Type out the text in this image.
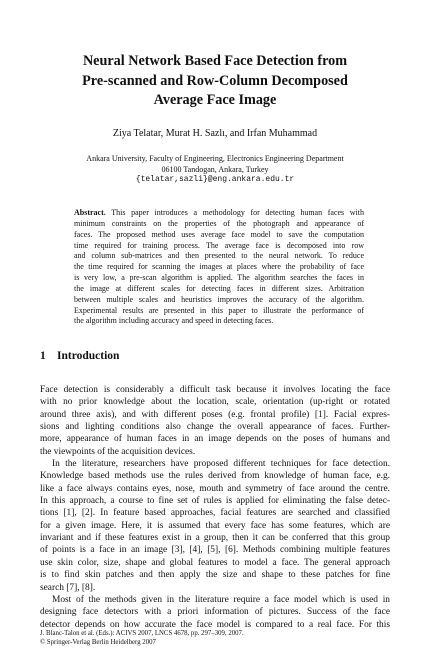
Neural Network Based Face Detection from
Pre-scanned and Row-Column Decomposed
Average Face Image
Ziya Telatar, Murat H. Sazlı, and Irfan Muhammad
Ankara University, Faculty of Engineering, Electronics Engineering Department
06100 Tandogan, Ankara, Turkey
{telatar,sazli}@eng.ankara.edu.tr
Abstract. This paper introduces a methodology for detecting human faces with
minimum constraints on the properties of the photograph and appearance of
faces. The proposed method uses average face model to save the computation
time required for training process. The average face is decomposed into row
and column sub-matrices and then presented to the neural network. To reduce
the time required for scanning the images at places where the probability of face
is very low, a pre-scan algorithm is applied. The algorithm searches the faces in
the image at different scales for detecting faces in different sizes. Arbitration
between multiple scales and heuristics improves the accuracy of the algorithm.
Experimental results are presented in this paper to illustrate the performance of
the algorithm including accuracy and speed in detecting faces.
1 Introduction
Face detection is considerably a difficult task because it involves locating the face
with no prior knowledge about the location, scale, orientation (up-right or rotated
around three axis), and with different poses (e.g. frontal profile) [1]. Facial expres-
sions and lighting conditions also change the overall appearance of faces. Further-
more, appearance of human faces in an image depends on the poses of humans and
the viewpoints of the acquisition devices.
In the literature, researchers have proposed different techniques for face detection.
Knowledge based methods use the rules derived from knowledge of human face, e.g.
like a face always contains eyes, nose, mouth and symmetry of face around the centre.
In this approach, a course to fine set of rules is applied for eliminating the false detec-
tions [1], [2]. In feature based approaches, facial features are searched and classified
for a given image. Here, it is assumed that every face has some features, which are
invariant and if these features exist in a group, then it can be conferred that this group
of points is a face in an image [3], [4], [5], [6]. Methods combining multiple features
use skin color, size, shape and global features to model a face. The general approach
is to find skin patches and then apply the size and shape to these patches for fine
search [7], [8].
Most of the methods given in the literature require a face model which is used in
designing face detectors with a priori information of pictures. Success of the face
detector depends on how accurate the face model is compared to a real face. For this
J. Blanc-Talon et al. (Eds.): ACIVS 2007, LNCS 4678, pp. 297–309, 2007.
© Springer-Verlag Berlin Heidelberg 2007
